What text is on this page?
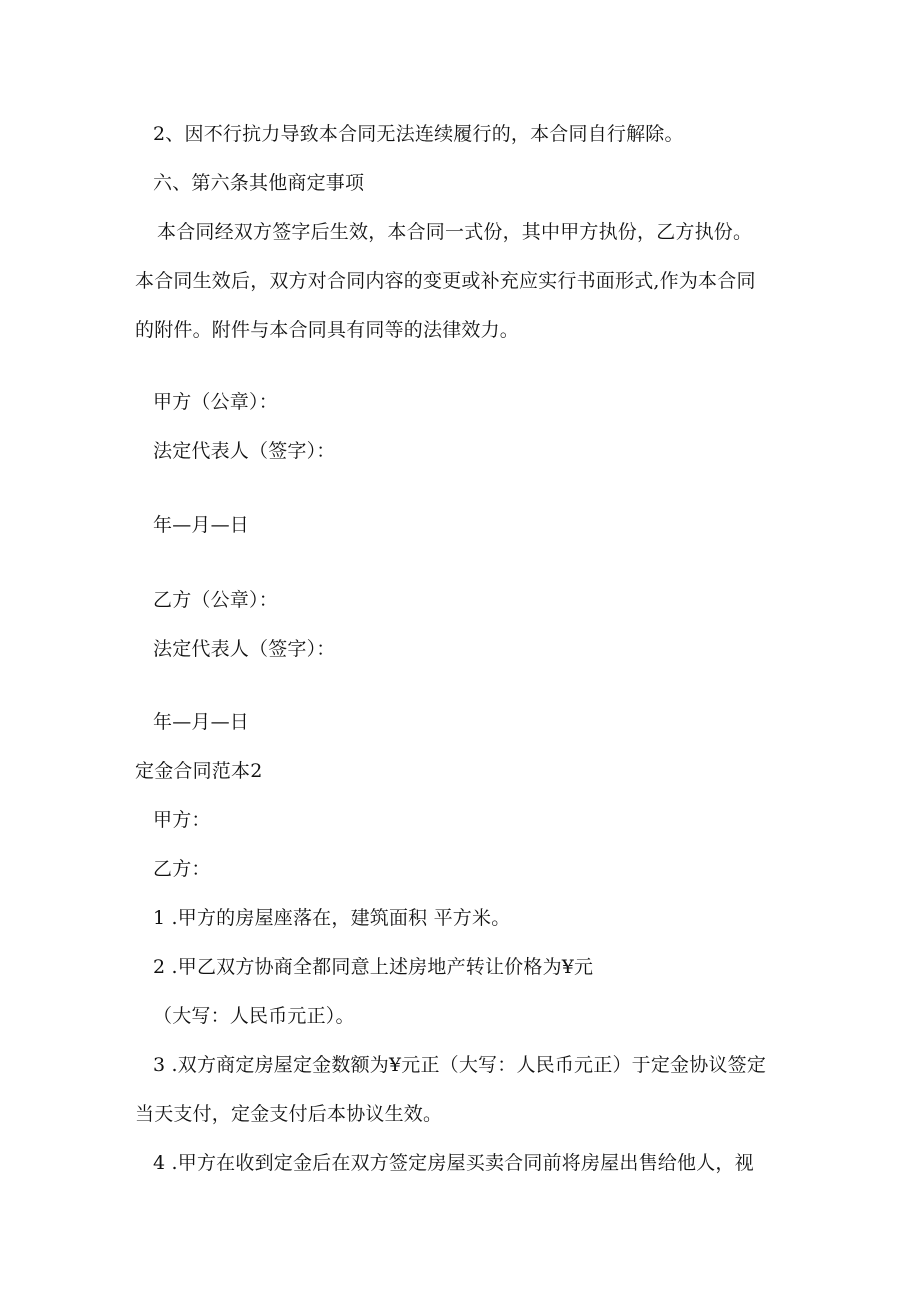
2、因不行抗力导致本合同无法连续履行的，本合同自行解除。
六、第六条其他商定事项
本合同经双方签字后生效，本合同一式份，其中甲方执份，乙方执份。
本合同生效后，双方对合同内容的变更或补充应实行书面形式,作为本合同
的附件。附件与本合同具有同等的法律效力。
甲方（公章）：
法定代表人（签字）：
年—月—日
乙方（公章）：
法定代表人（签字）：
年—月—日
定金合同范本2
甲方：
乙方：
1 .甲方的房屋座落在，建筑面积 平方米。
2 .甲乙双方协商全都同意上述房地产转让价格为¥元
（大写：人民币元正）。
3 .双方商定房屋定金数额为¥元正（大写：人民币元正）于定金协议签定
当天支付，定金支付后本协议生效。
4 .甲方在收到定金后在双方签定房屋买卖合同前将房屋出售给他人，视
